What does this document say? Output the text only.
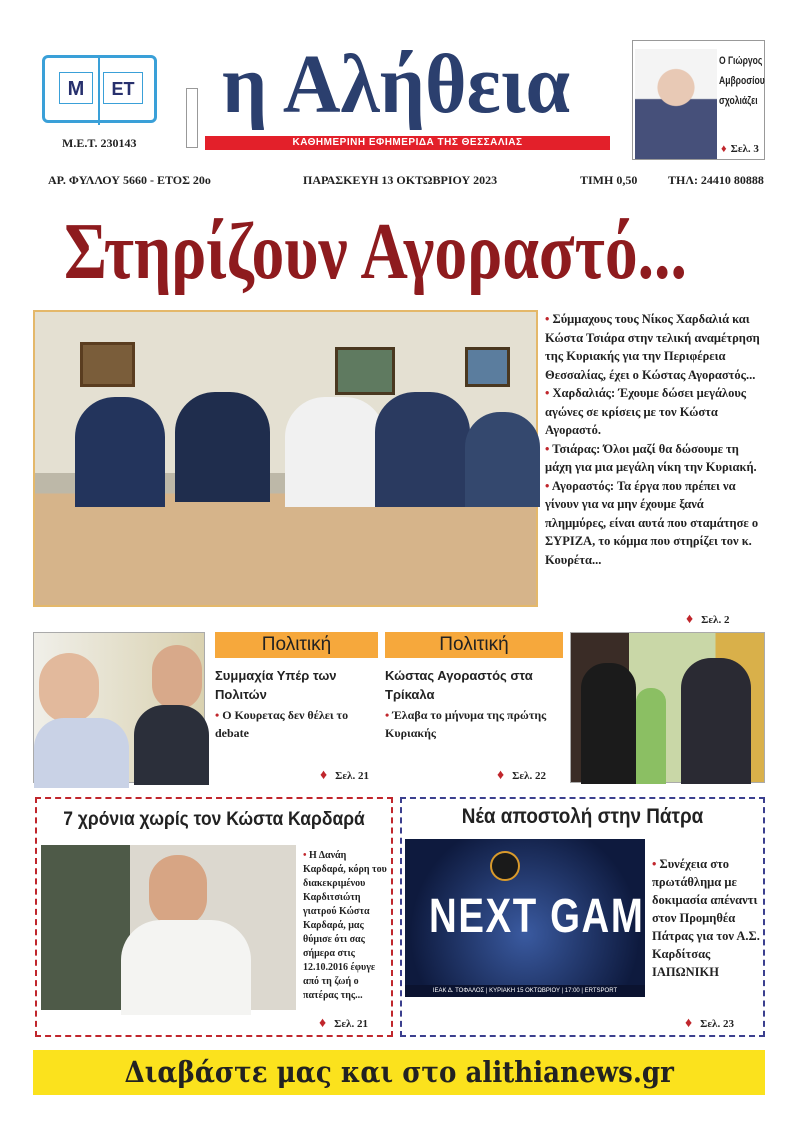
Μ	ΕΤ
Μ.Ε.Τ. 230143
η Αλήθεια
ΚΑΘΗΜΕΡΙΝΗ ΕΦΗΜΕΡΙΔΑ ΤΗΣ ΘΕΣΣΑΛΙΑΣ
Ο Γιώργος
Αμβροσίου
σχολιάζει
♦ Σελ. 3
ΑΡ. ΦΥΛΛΟΥ 5660 - ΕΤΟΣ 20ο	ΠΑΡΑΣΚΕΥΗ 13 ΟΚΤΩΒΡΙΟΥ 2023	ΤΙΜΗ 0,50	ΤΗΛ: 24410 80888
Στηρίζουν Αγοραστό...
• Σύμμαχους τους Νίκος Χαρδαλιά και Κώστα Τσιάρα στην τελική αναμέτρηση της Κυριακής για την Περιφέρεια Θεσσαλίας, έχει ο Κώστας Αγοραστός...
• Χαρδαλιάς: Έχουμε δώσει μεγάλους αγώνες σε κρίσεις με τον Κώστα Αγοραστό.
• Τσιάρας: Όλοι μαζί θα δώσουμε τη μάχη για μια μεγάλη νίκη την Κυριακή.
• Αγοραστός: Τα έργα που πρέπει να γίνουν για να μην έχουμε ξανά πλημμύρες, είναι αυτά που σταμάτησε ο ΣΥΡΙΖΑ, το κόμμα που στηρίζει τον κ. Κουρέτα...
♦ Σελ. 2
Πολιτική
Συμμαχία Υπέρ των Πολιτών
• Ο Κουρετας δεν θέλει το debate
♦ Σελ. 21
Πολιτική
Κώστας Αγοραστός στα Τρίκαλα
• Έλαβα το μήνυμα της πρώτης Κυριακής
♦ Σελ. 22
7 χρόνια χωρίς τον Κώστα Καρδαρά
• Η Δανάη Καρδαρά, κόρη του διακεκριμένου Καρδιτσιώτη γιατρού Κώστα Καρδαρά, μας θύμισε ότι σας σήμερα στις 12.10.2016 έφυγε από τη ζωή ο πατέρας της...
♦ Σελ. 21
Νέα αποστολή στην Πάτρα
NEXT GAME
ΙΕΑΚ Δ. ΤΟΦΑΛΟΣ | ΚΥΡΙΑΚΗ 15 ΟΚΤΩΒΡΙΟΥ | 17:00 | ERTSPORT
• Συνέχεια στο πρωτάθλημα με δοκιμασία απέναντι στον Προμηθέα Πάτρας για τον Α.Σ. Καρδίτσας ΙΑΠΩΝΙΚΗ
♦ Σελ. 23
Διαβάστε μας και στο alithianews.gr
